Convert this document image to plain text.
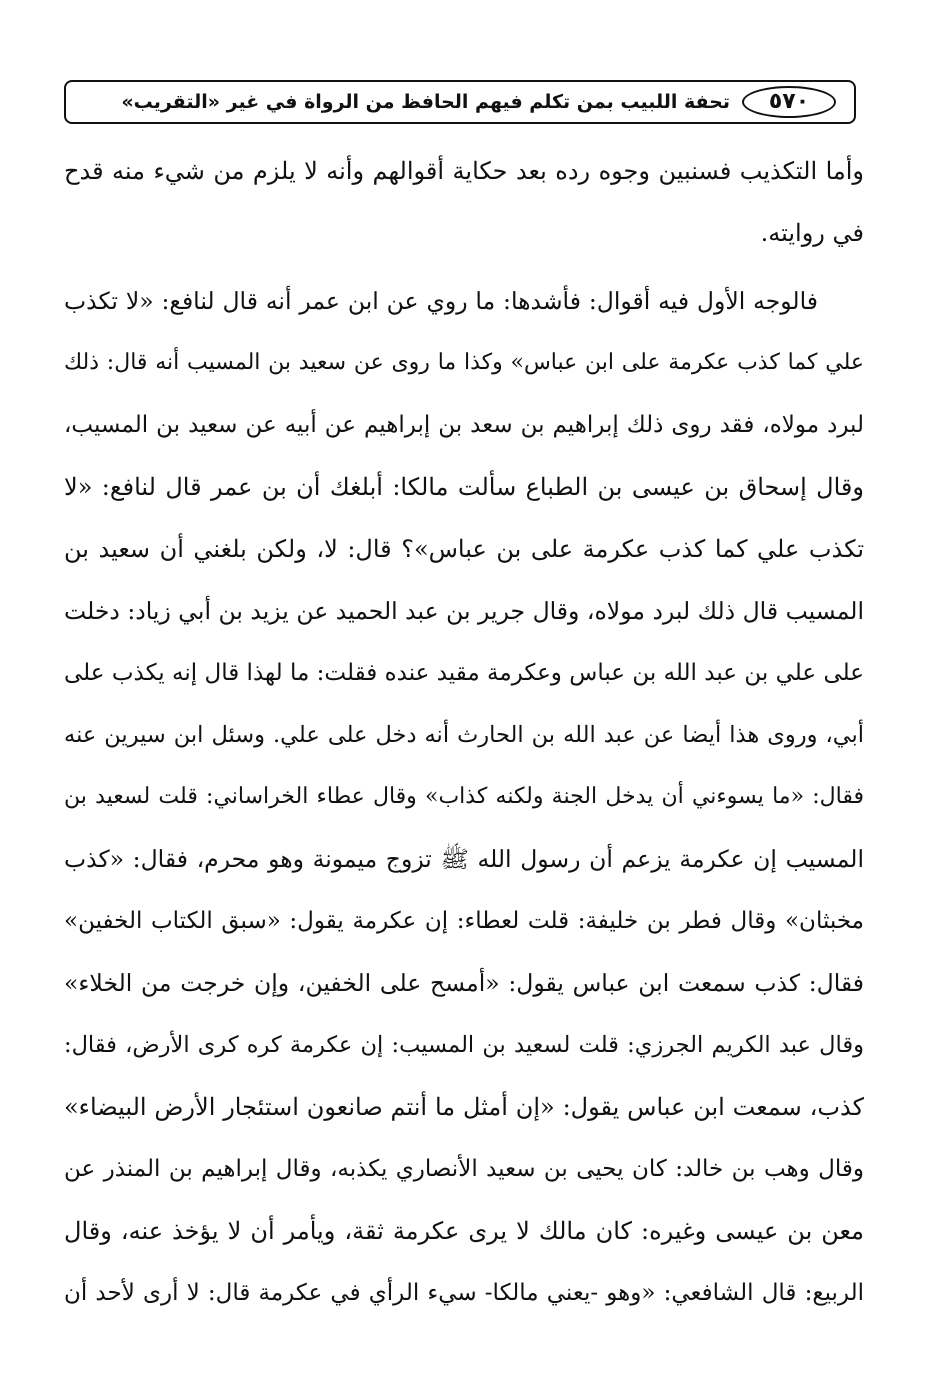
٥٧٠
تحفة اللبيب بمن تكلم فيهم الحافظ من الرواة في غير «التقريب»
وأما التكذيب فسنبين وجوه رده بعد حكاية أقوالهم وأنه لا يلزم من شيء منه قدح
في روايته.
فالوجه الأول فيه أقوال: فأشدها: ما روي عن ابن عمر أنه قال لنافع: «لا تكذب
علي كما كذب عكرمة على ابن عباس» وكذا ما روى عن سعيد بن المسيب أنه قال: ذلك
لبرد مولاه، فقد روى ذلك إبراهيم بن سعد بن إبراهيم عن أبيه عن سعيد بن المسيب،
وقال إسحاق بن عيسى بن الطباع سألت مالكا: أبلغك أن بن عمر قال لنافع: «لا
تكذب علي كما كذب عكرمة على بن عباس»؟ قال: لا، ولكن بلغني أن سعيد بن
المسيب قال ذلك لبرد مولاه، وقال جرير بن عبد الحميد عن يزيد بن أبي زياد: دخلت
على علي بن عبد الله بن عباس وعكرمة مقيد عنده فقلت: ما لهذا قال إنه يكذب على
أبي، وروى هذا أيضا عن عبد الله بن الحارث أنه دخل على علي. وسئل ابن سيرين عنه
فقال: «ما يسوءني أن يدخل الجنة ولكنه كذاب» وقال عطاء الخراساني: قلت لسعيد بن
المسيب إن عكرمة يزعم أن رسول الله ﷺ تزوج ميمونة وهو محرم، فقال: «كذب
مخبثان» وقال فطر بن خليفة: قلت لعطاء: إن عكرمة يقول: «سبق الكتاب الخفين»
فقال: كذب سمعت ابن عباس يقول: «أمسح على الخفين، وإن خرجت من الخلاء»
وقال عبد الكريم الجرزي: قلت لسعيد بن المسيب: إن عكرمة كره كرى الأرض، فقال:
كذب، سمعت ابن عباس يقول: «إن أمثل ما أنتم صانعون استئجار الأرض البيضاء»
وقال وهب بن خالد: كان يحيى بن سعيد الأنصاري يكذبه، وقال إبراهيم بن المنذر عن
معن بن عيسى وغيره: كان مالك لا يرى عكرمة ثقة، ويأمر أن لا يؤخذ عنه، وقال
الربيع: قال الشافعي: «وهو -يعني مالكا- سيء الرأي في عكرمة قال: لا أرى لأحد أن
